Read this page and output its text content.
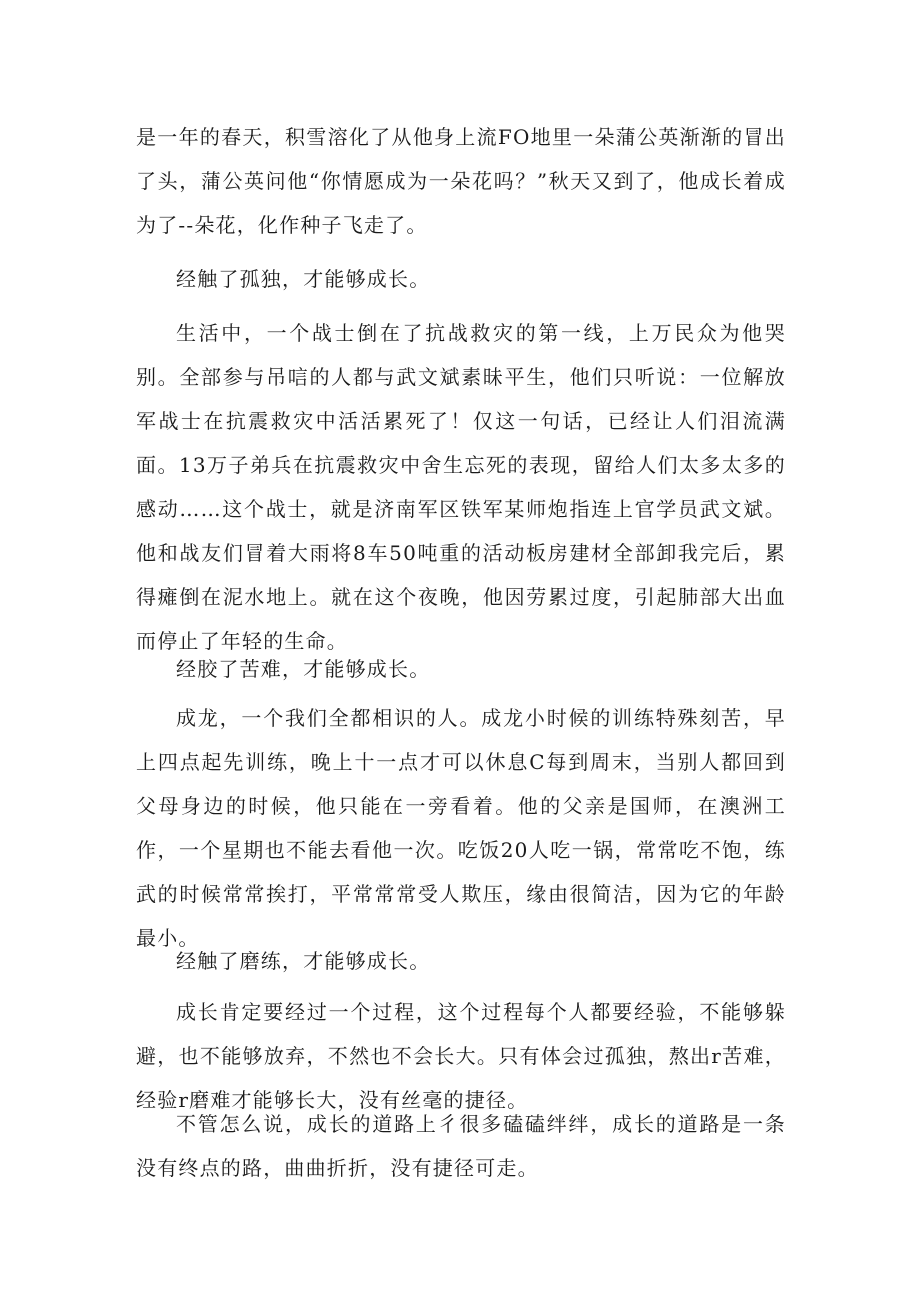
是一年的春天，积雪溶化了从他身上流FO地里一朵蒲公英渐渐的冒出了头，蒲公英问他“你情愿成为一朵花吗？”秋天又到了，他成长着成为了--朵花，化作种子飞走了。

经触了孤独，才能够成长。

生活中，一个战士倒在了抗战救灾的第一线，上万民众为他哭别。全部参与吊唁的人都与武文斌素昧平生，他们只听说：一位解放军战士在抗震救灾中活活累死了！仅这一句话，已经让人们泪流满面。13万子弟兵在抗震救灾中舍生忘死的表现，留给人们太多太多的感动……这个战士，就是济南军区铁军某师炮指连上官学员武文斌。他和战友们冒着大雨将8车50吨重的活动板房建材全部卸我完后，累得瘫倒在泥水地上。就在这个夜晚，他因劳累过度，引起肺部大出血而停止了年轻的生命。

经胶了苦难，才能够成长。

成龙，一个我们全都相识的人。成龙小时候的训练特殊刻苦，早上四点起先训练，晚上十一点才可以休息C每到周末，当别人都回到父母身边的时候，他只能在一旁看着。他的父亲是国师，在澳洲工作，一个星期也不能去看他一次。吃饭20人吃一锅，常常吃不饱，练武的时候常常挨打，平常常常受人欺压，缘由很简洁，因为它的年龄最小。

经触了磨练，才能够成长。

成长肯定要经过一个过程，这个过程每个人都要经验，不能够躲避，也不能够放弃，不然也不会长大。只有体会过孤独，熬出r苦难，经验r磨难才能够长大，没有丝毫的捷径。

不管怎么说，成长的道路上彳很多磕磕绊绊，成长的道路是一条没有终点的路，曲曲折折，没有捷径可走。
